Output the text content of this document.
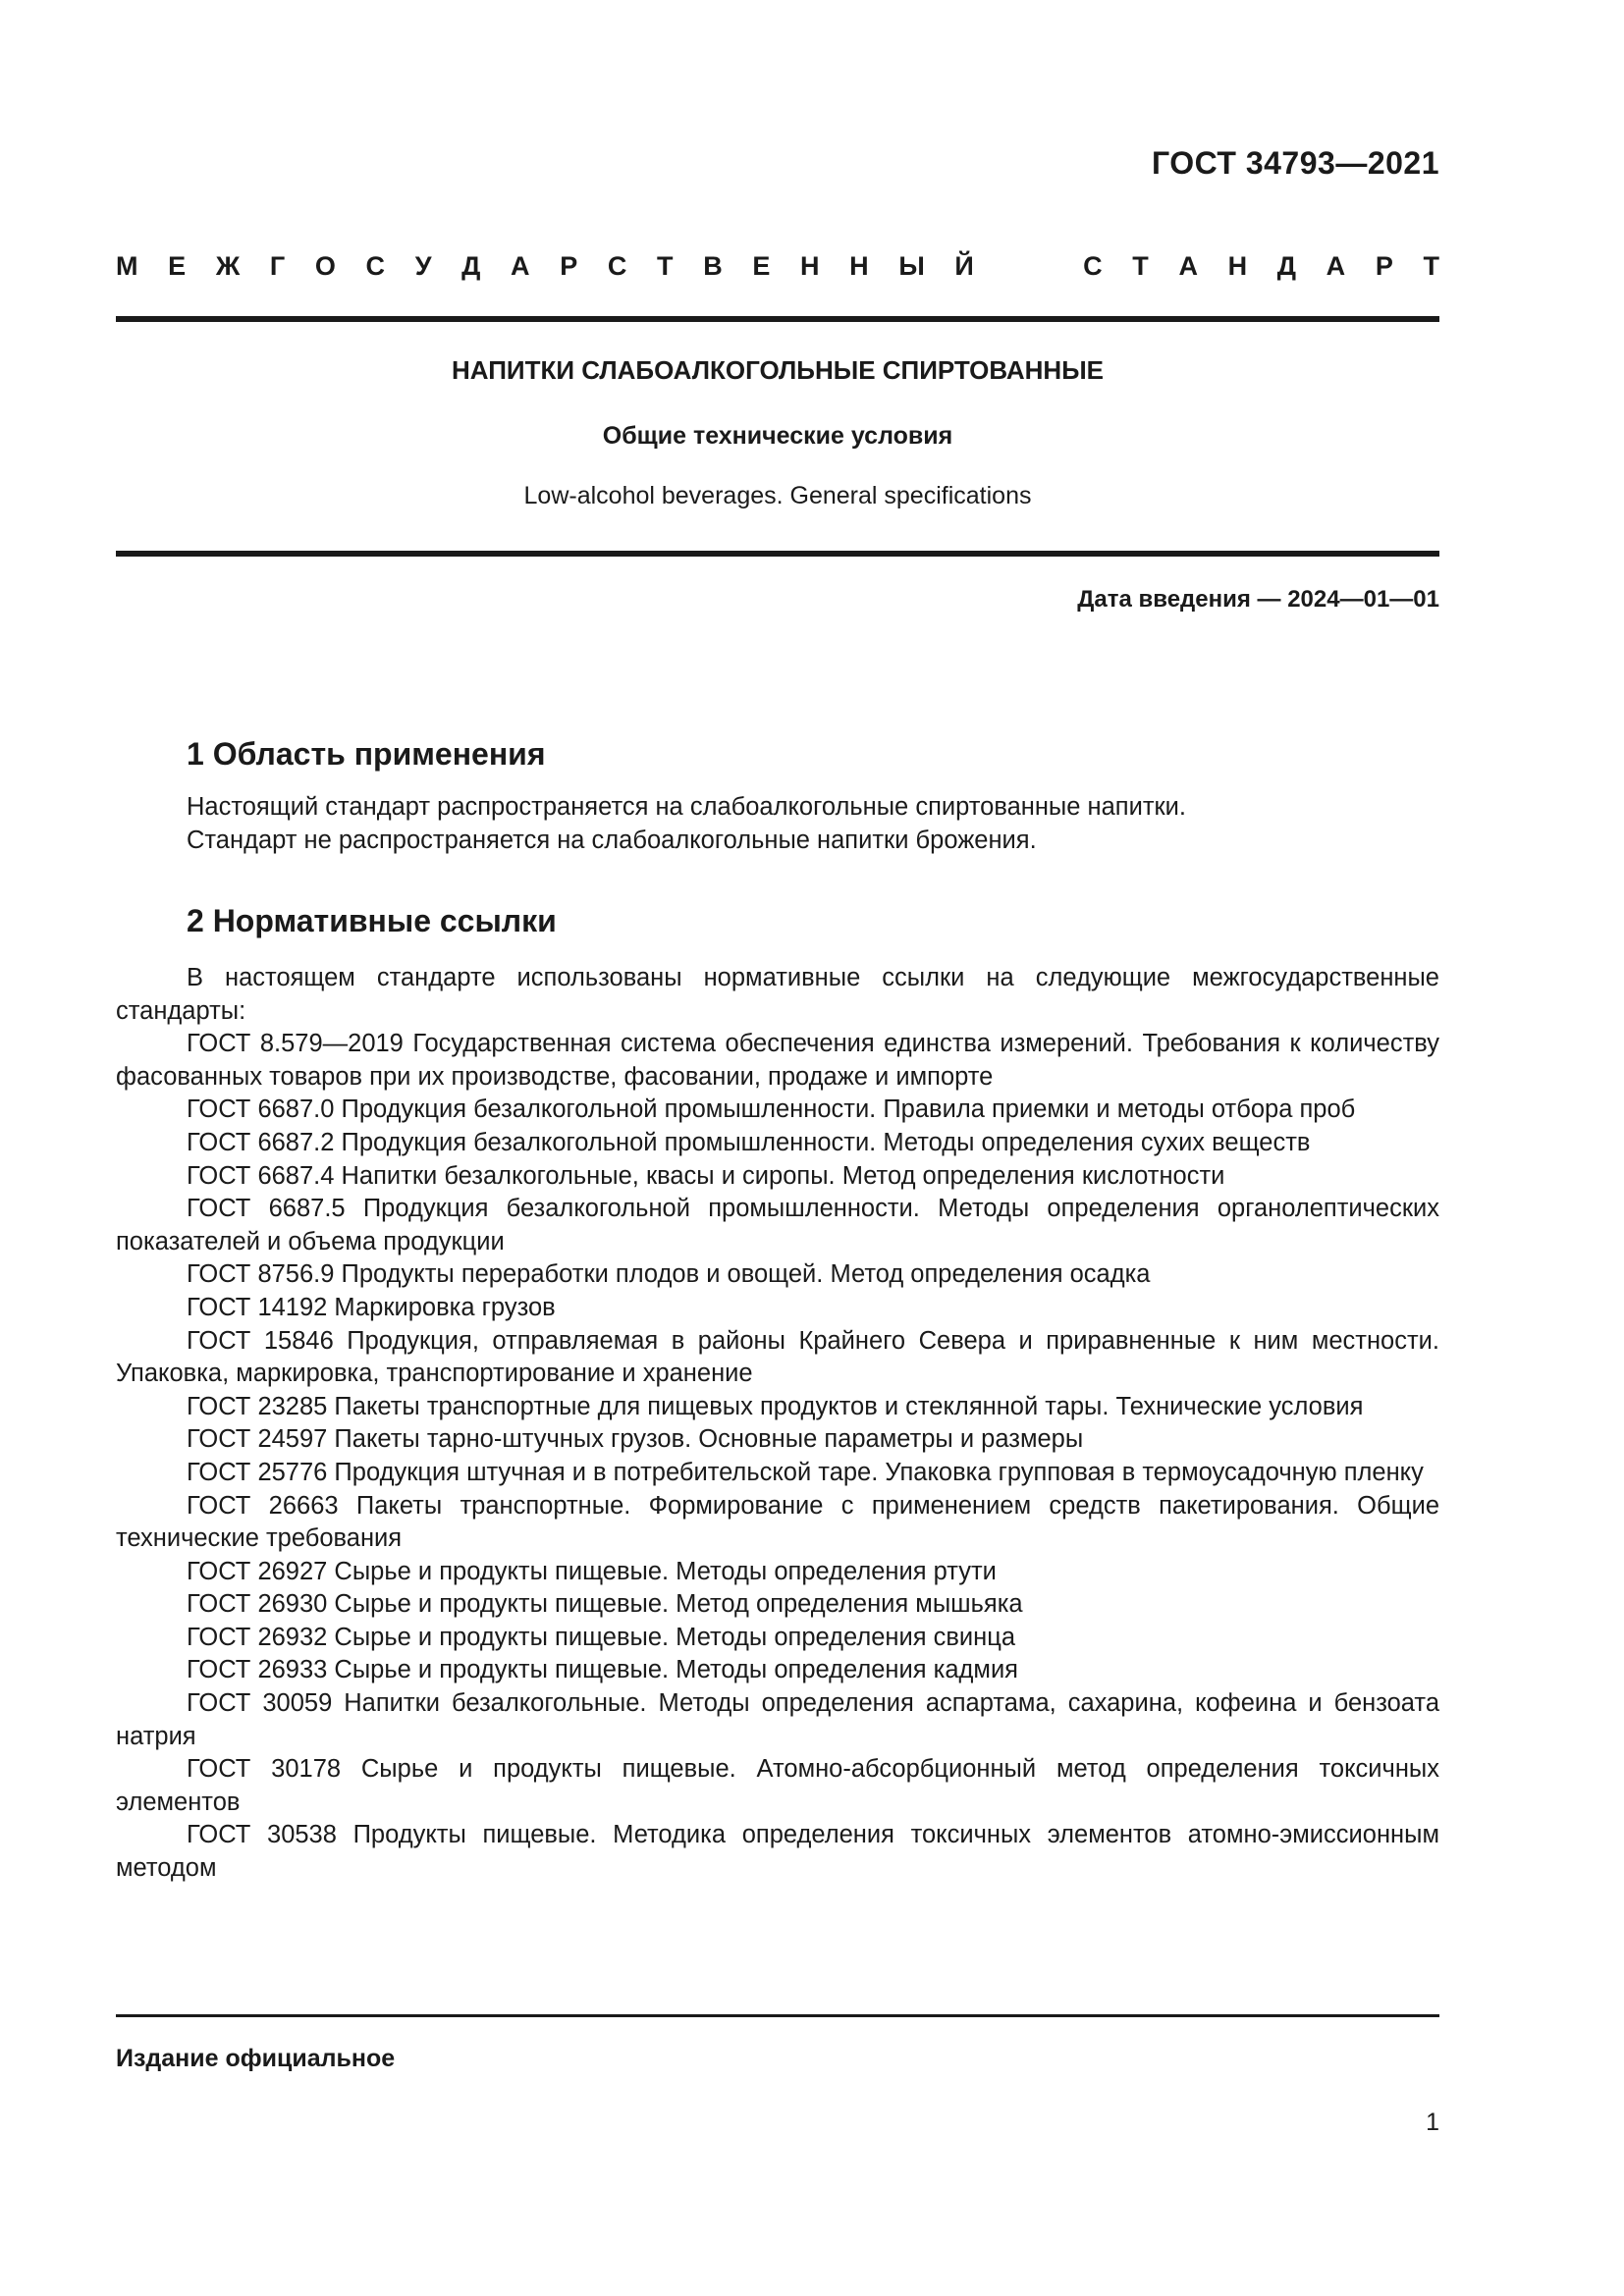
ГОСТ 34793—2021
М Е Ж Г О С У Д А Р С Т В Е Н Н Ы Й	С Т А Н Д А Р Т
НАПИТКИ СЛАБОАЛКОГОЛЬНЫЕ СПИРТОВАННЫЕ
Общие технические условия
Low-alcohol beverages. General specifications
Дата введения — 2024—01—01
1 Область применения

Настоящий стандарт распространяется на слабоалкогольные спиртованные напитки.

Стандарт не распространяется на слабоалкогольные напитки брожения.

2 Нормативные ссылки

В настоящем стандарте использованы нормативные ссылки на следующие межгосударственные стандарты:

ГОСТ 8.579—2019 Государственная система обеспечения единства измерений. Требования к количеству фасованных товаров при их производстве, фасовании, продаже и импорте

ГОСТ 6687.0 Продукция безалкогольной промышленности. Правила приемки и методы отбора проб

ГОСТ 6687.2 Продукция безалкогольной промышленности. Методы определения сухих веществ

ГОСТ 6687.4 Напитки безалкогольные, квасы и сиропы. Метод определения кислотности

ГОСТ 6687.5 Продукция безалкогольной промышленности. Методы определения органолептических показателей и объема продукции

ГОСТ 8756.9 Продукты переработки плодов и овощей. Метод определения осадка

ГОСТ 14192 Маркировка грузов

ГОСТ 15846 Продукция, отправляемая в районы Крайнего Севера и приравненные к ним местности. Упаковка, маркировка, транспортирование и хранение

ГОСТ 23285 Пакеты транспортные для пищевых продуктов и стеклянной тары. Технические условия

ГОСТ 24597 Пакеты тарно-штучных грузов. Основные параметры и размеры

ГОСТ 25776 Продукция штучная и в потребительской таре. Упаковка групповая в термоусадочную пленку

ГОСТ 26663 Пакеты транспортные. Формирование с применением средств пакетирования. Общие технические требования

ГОСТ 26927 Сырье и продукты пищевые. Методы определения ртути

ГОСТ 26930 Сырье и продукты пищевые. Метод определения мышьяка

ГОСТ 26932 Сырье и продукты пищевые. Методы определения свинца

ГОСТ 26933 Сырье и продукты пищевые. Методы определения кадмия

ГОСТ 30059 Напитки безалкогольные. Методы определения аспартама, сахарина, кофеина и бензоата натрия

ГОСТ 30178 Сырье и продукты пищевые. Атомно-абсорбционный метод определения токсичных элементов

ГОСТ 30538 Продукты пищевые. Методика определения токсичных элементов атомно-эмиссионным методом

Издание официальное
1
